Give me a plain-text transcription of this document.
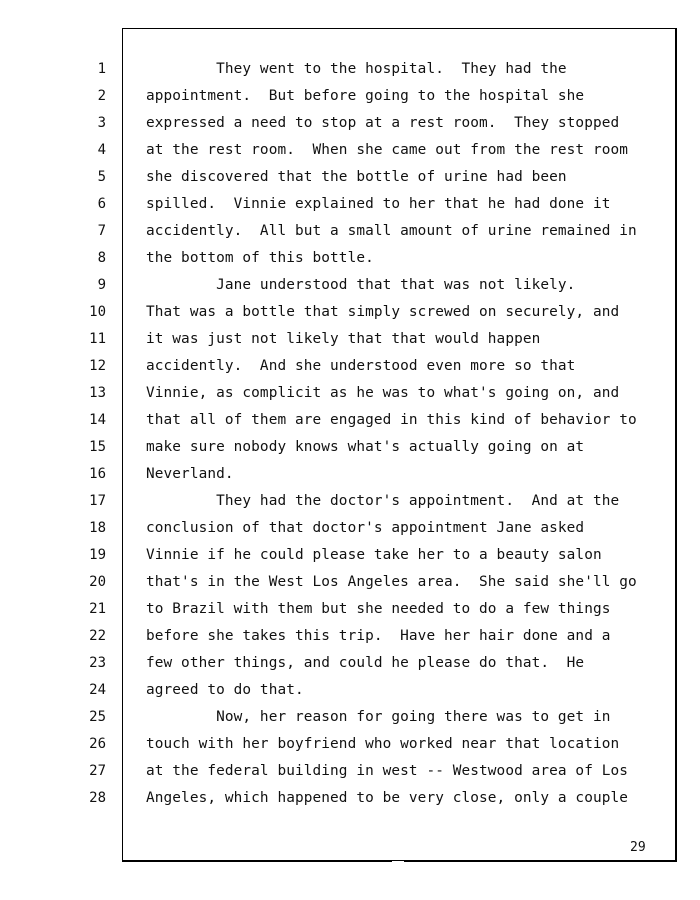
1
2
3
4
5
6
7
8
9
10
11
12
13
14
15
16
17
18
19
20
21
22
23
24
25
26
27
28
They went to the hospital.  They had the
appointment.  But before going to the hospital she
expressed a need to stop at a rest room.  They stopped
at the rest room.  When she came out from the rest room
she discovered that the bottle of urine had been
spilled.  Vinnie explained to her that he had done it
accidently.  All but a small amount of urine remained in
the bottom of this bottle.
Jane understood that that was not likely.
That was a bottle that simply screwed on securely, and
it was just not likely that that would happen
accidently.  And she understood even more so that
Vinnie, as complicit as he was to what's going on, and
that all of them are engaged in this kind of behavior to
make sure nobody knows what's actually going on at
Neverland.
They had the doctor's appointment.  And at the
conclusion of that doctor's appointment Jane asked
Vinnie if he could please take her to a beauty salon
that's in the West Los Angeles area.  She said she'll go
to Brazil with them but she needed to do a few things
before she takes this trip.  Have her hair done and a
few other things, and could he please do that.  He
agreed to do that.
Now, her reason for going there was to get in
touch with her boyfriend who worked near that location
at the federal building in west -- Westwood area of Los
Angeles, which happened to be very close, only a couple
29
